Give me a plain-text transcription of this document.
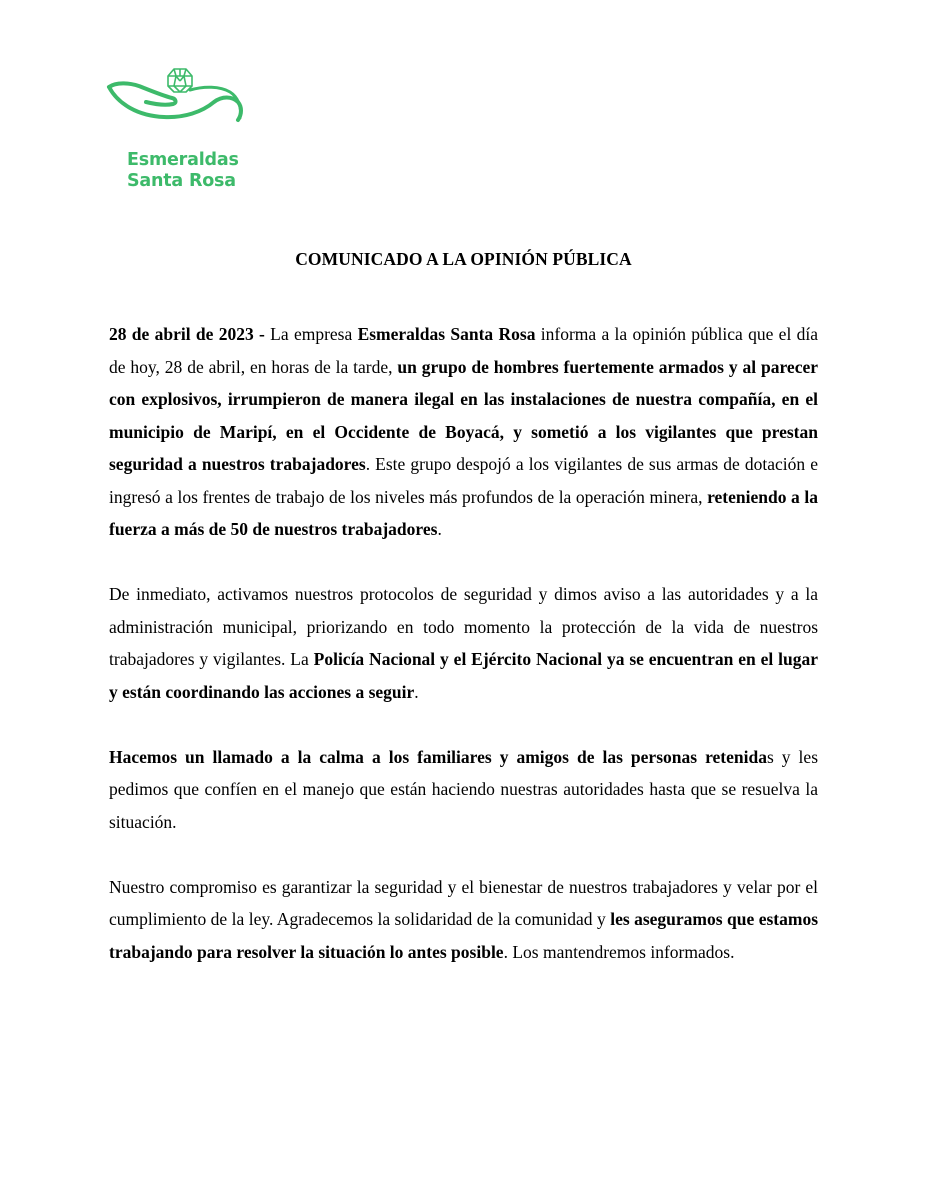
Esmeraldas
Santa Rosa
COMUNICADO A LA OPINIÓN PÚBLICA

28 de abril de 2023 - La empresa Esmeraldas Santa Rosa informa a la opinión pública que el día de hoy, 28 de abril, en horas de la tarde, un grupo de hombres fuertemente armados y al parecer con explosivos, irrumpieron de manera ilegal en las instalaciones de nuestra compañía, en el municipio de Maripí, en el Occidente de Boyacá, y sometió a los vigilantes que prestan seguridad a nuestros trabajadores. Este grupo despojó a los vigilantes de sus armas de dotación e ingresó a los frentes de trabajo de los niveles más profundos de la operación minera, reteniendo a la fuerza a más de 50 de nuestros trabajadores.

De inmediato, activamos nuestros protocolos de seguridad y dimos aviso a las autoridades y a la administración municipal, priorizando en todo momento la protección de la vida de nuestros trabajadores y vigilantes. La Policía Nacional y el Ejército Nacional ya se encuentran en el lugar y están coordinando las acciones a seguir.

Hacemos un llamado a la calma a los familiares y amigos de las personas retenidas y les pedimos que confíen en el manejo que están haciendo nuestras autoridades hasta que se resuelva la situación.

Nuestro compromiso es garantizar la seguridad y el bienestar de nuestros trabajadores y velar por el cumplimiento de la ley. Agradecemos la solidaridad de la comunidad y les aseguramos que estamos trabajando para resolver la situación lo antes posible. Los mantendremos informados.
